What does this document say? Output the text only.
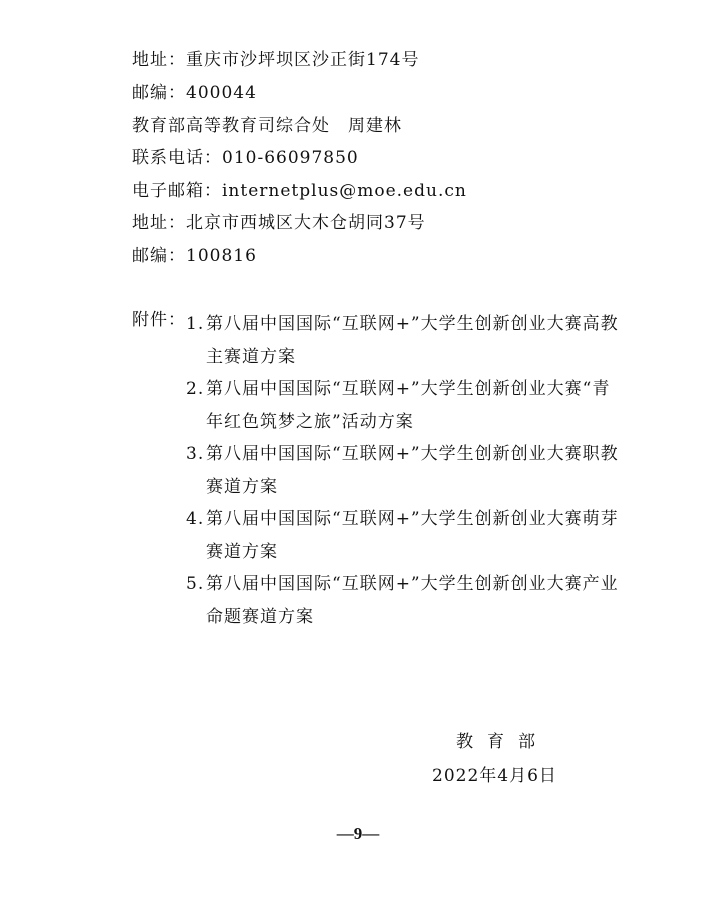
地址：重庆市沙坪坝区沙正街174号
邮编：400044
教育部高等教育司综合处　周建林
联系电话：010-66097850
电子邮箱：internetplus@moe.edu.cn
地址：北京市西城区大木仓胡同37号
邮编：100816
附件： 1. 第八届中国国际“互联网+”大学生创新创业大赛高教主赛道方案
2. 第八届中国国际“互联网+”大学生创新创业大赛“青年红色筑梦之旅”活动方案
3. 第八届中国国际“互联网+”大学生创新创业大赛职教赛道方案
4. 第八届中国国际“互联网+”大学生创新创业大赛萌芽赛道方案
5. 第八届中国国际“互联网+”大学生创新创业大赛产业命题赛道方案
教育部
2022年4月6日
—9—
